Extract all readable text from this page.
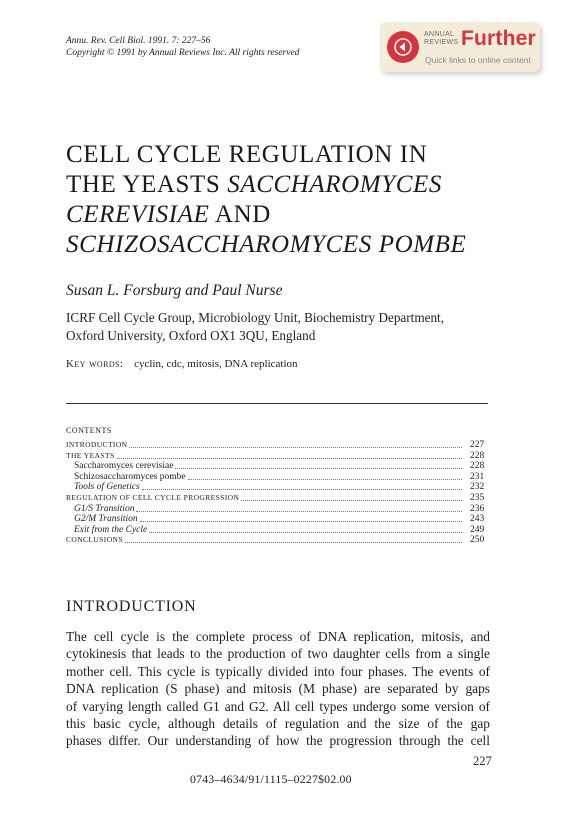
Annu. Rev. Cell Biol. 1991. 7: 227–56
Copyright © 1991 by Annual Reviews Inc. All rights reserved
ANNUAL
REVIEWS Further
Quick links to online content
CELL CYCLE REGULATION IN
THE YEASTS SACCHAROMYCES
CEREVISIAE AND
SCHIZOSACCHAROMYCES POMBE
Susan L. Forsburg and Paul Nurse
ICRF Cell Cycle Group, Microbiology Unit, Biochemistry Department,
Oxford University, Oxford OX1 3QU, England
Key words: cyclin, cdc, mitosis, DNA replication
CONTENTS
INTRODUCTION	227
THE YEASTS	228
Saccharomyces cerevisiae	228
Schizosaccharomyces pombe	231
Tools of Genetics	232
REGULATION OF CELL CYCLE PROGRESSION	235
G1/S Transition	236
G2/M Transition	243
Exit from the Cycle	249
CONCLUSIONS	250
INTRODUCTION
The cell cycle is the complete process of DNA replication, mitosis, and
cytokinesis that leads to the production of two daughter cells from a single
mother cell. This cycle is typically divided into four phases. The events of
DNA replication (S phase) and mitosis (M phase) are separated by gaps
of varying length called G1 and G2. All cell types undergo some version of
this basic cycle, although details of regulation and the size of the gap
phases differ. Our understanding of how the progression through the cell
227
0743–4634/91/1115–0227$02.00
